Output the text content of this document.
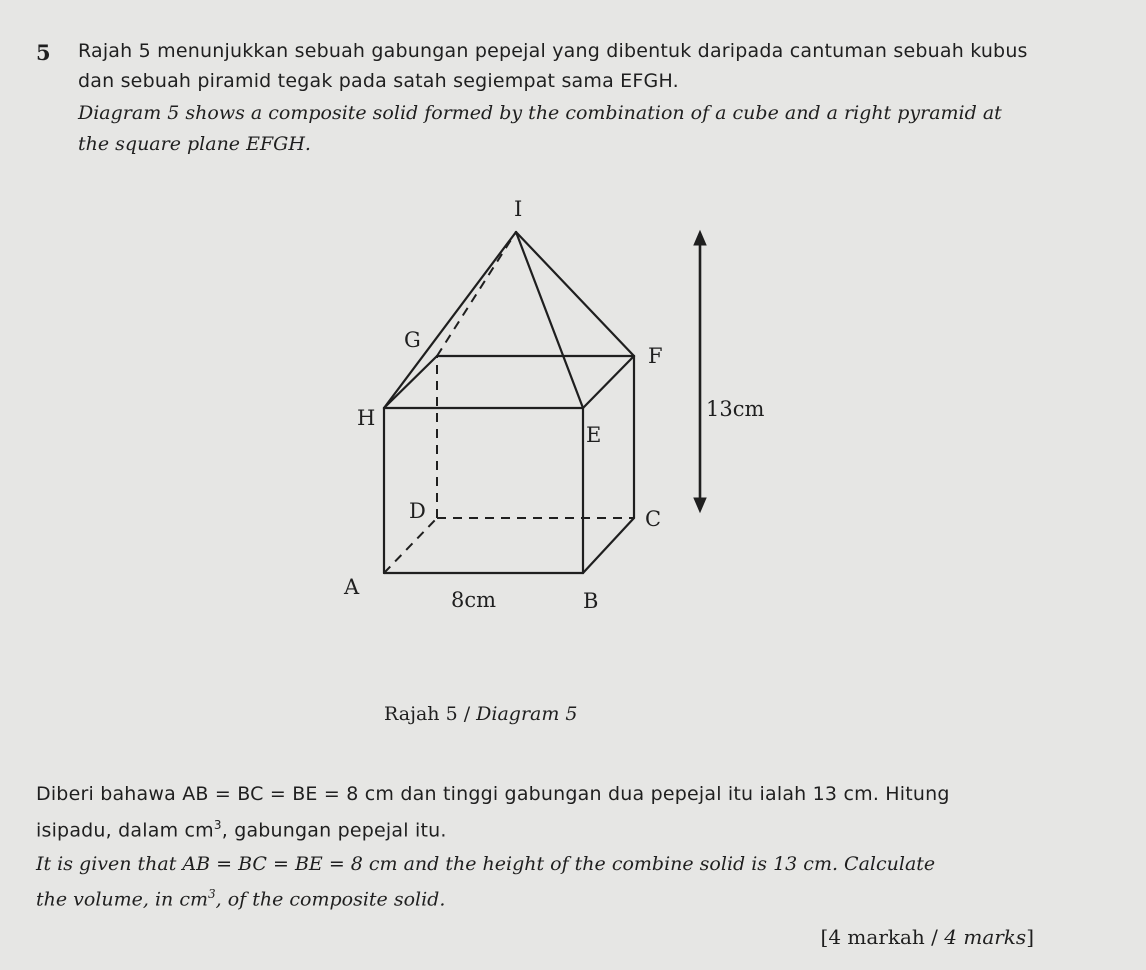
5 Rajah 5 menunjukkan sebuah gabungan pepejal yang dibentuk daripada cantuman sebuah kubus
dan sebuah piramid tegak pada satah segiempat sama EFGH.
Diagram 5 shows a composite solid formed by the combination of a cube and a right pyramid at
the square plane EFGH.
I
G
F
H
E
D	C
A
B
8cm
13cm
Rajah 5 / Diagram 5
Diberi bahawa AB = BC = BE = 8 cm dan tinggi gabungan dua pepejal itu ialah 13 cm. Hitung
isipadu, dalam $cm^3$, gabungan pepejal itu.
It is given that AB = BC = BE = 8 cm and the height of the combine solid is 13 cm. Calculate
the volume, in $cm^3$, of the composite solid.
[4 markah / 4 marks]
